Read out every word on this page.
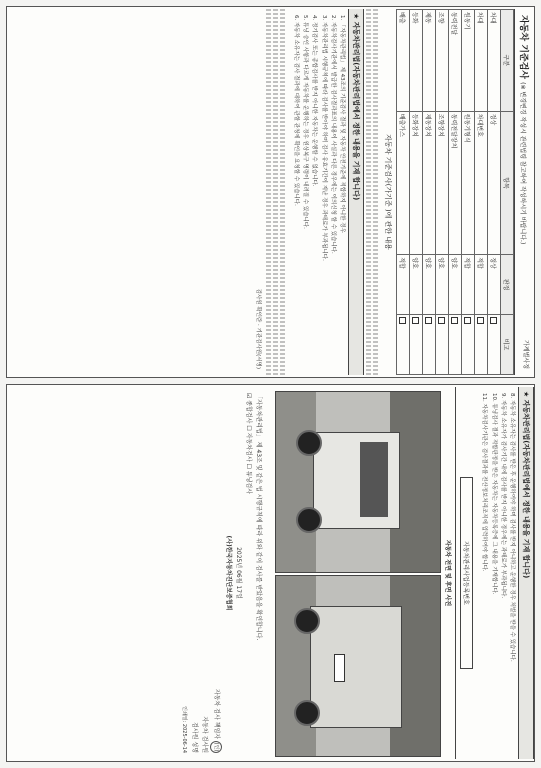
자동차 기준검사 (※ 변경변경 작성시 관련법령 참고하여 작성하시기 바랍니다.)
가계별사정
구분	항목	판정	비고
차대	정상	정상	
차대	차대번호	적합	
원동기	원동기형식	적합	
동력전달	동력전달장치	양호	
조향	조향장치	양호	
제동	제동장치	양호	
등화	등화장치	양호	
배출	배출가스	적합	
자동차 기준검사(가기준 )에 관한 내용
★ 자동차관리법(자동차관리법에서 정한 내용을 기재 합니다)

1. 「자동차관리법」 제 43조의 기준검사 결과 및 자동차 안전기준에 적합하지 아니한 경우

2. 자동차검사기관에서 발급한 검사결과표의 내용이 사실과 다른 경우에는 이의신청 할 수 있습니다.

3. 자동차관리법 시행규칙에 따라 검사를 받아야 하며 검사 유효기간이 지난 경우 과태료가 부과됩니다.

4. 정기검사 또는 종합검사를 받지 아니한 자동차는 운행할 수 없습니다.

5. 튜닝 승인 사항과 다르게 자동차를 운행하는 경우 원상복구 명령이 내려질 수 있습니다.

6. 자동차 소유자는 검사 결과에 대하여 관할 관청에 확인을 요청할 수 있습니다.

검사원 확인란 · 기관검사원(서명)
★ 자동차관리법(자동차관리법에서 정한 내용을 기재 합니다)

8. 자동차 소유자는 검사를 받은 후 운행하여야 하며 검사를 받지 아니하고 운행한 경우 처벌을 받을 수 있습니다.

9. 자동차 소유자가 검사기간 내에 검사를 받지 아니한 경우에는 과태료가 부과됩니다.

10. 튜닝검사 결과 적합판정을 받은 자동차는 자동차등록증에 그 내용을 기재합니다.

11. 자동차검사기관은 검사결과를 전산정보처리조직에 입력하여야 합니다.

자동차관리사업등록번호
자동차 전면 및 후면 사진

「자동차관리법」 제 43조 및 같은 법 시행규칙에 따라 위와 같이 검사를 받았음을 확인합니다.

☑ 종합검사 ☐ 자동차검사 ☐ 튜닝검사

2025년 06월 17일

(사)한국자동차진단보증협회

자동차 검사 책임자 (인)

자동차 검사원

검사원 성명

인쇄일: 2025-06-14
